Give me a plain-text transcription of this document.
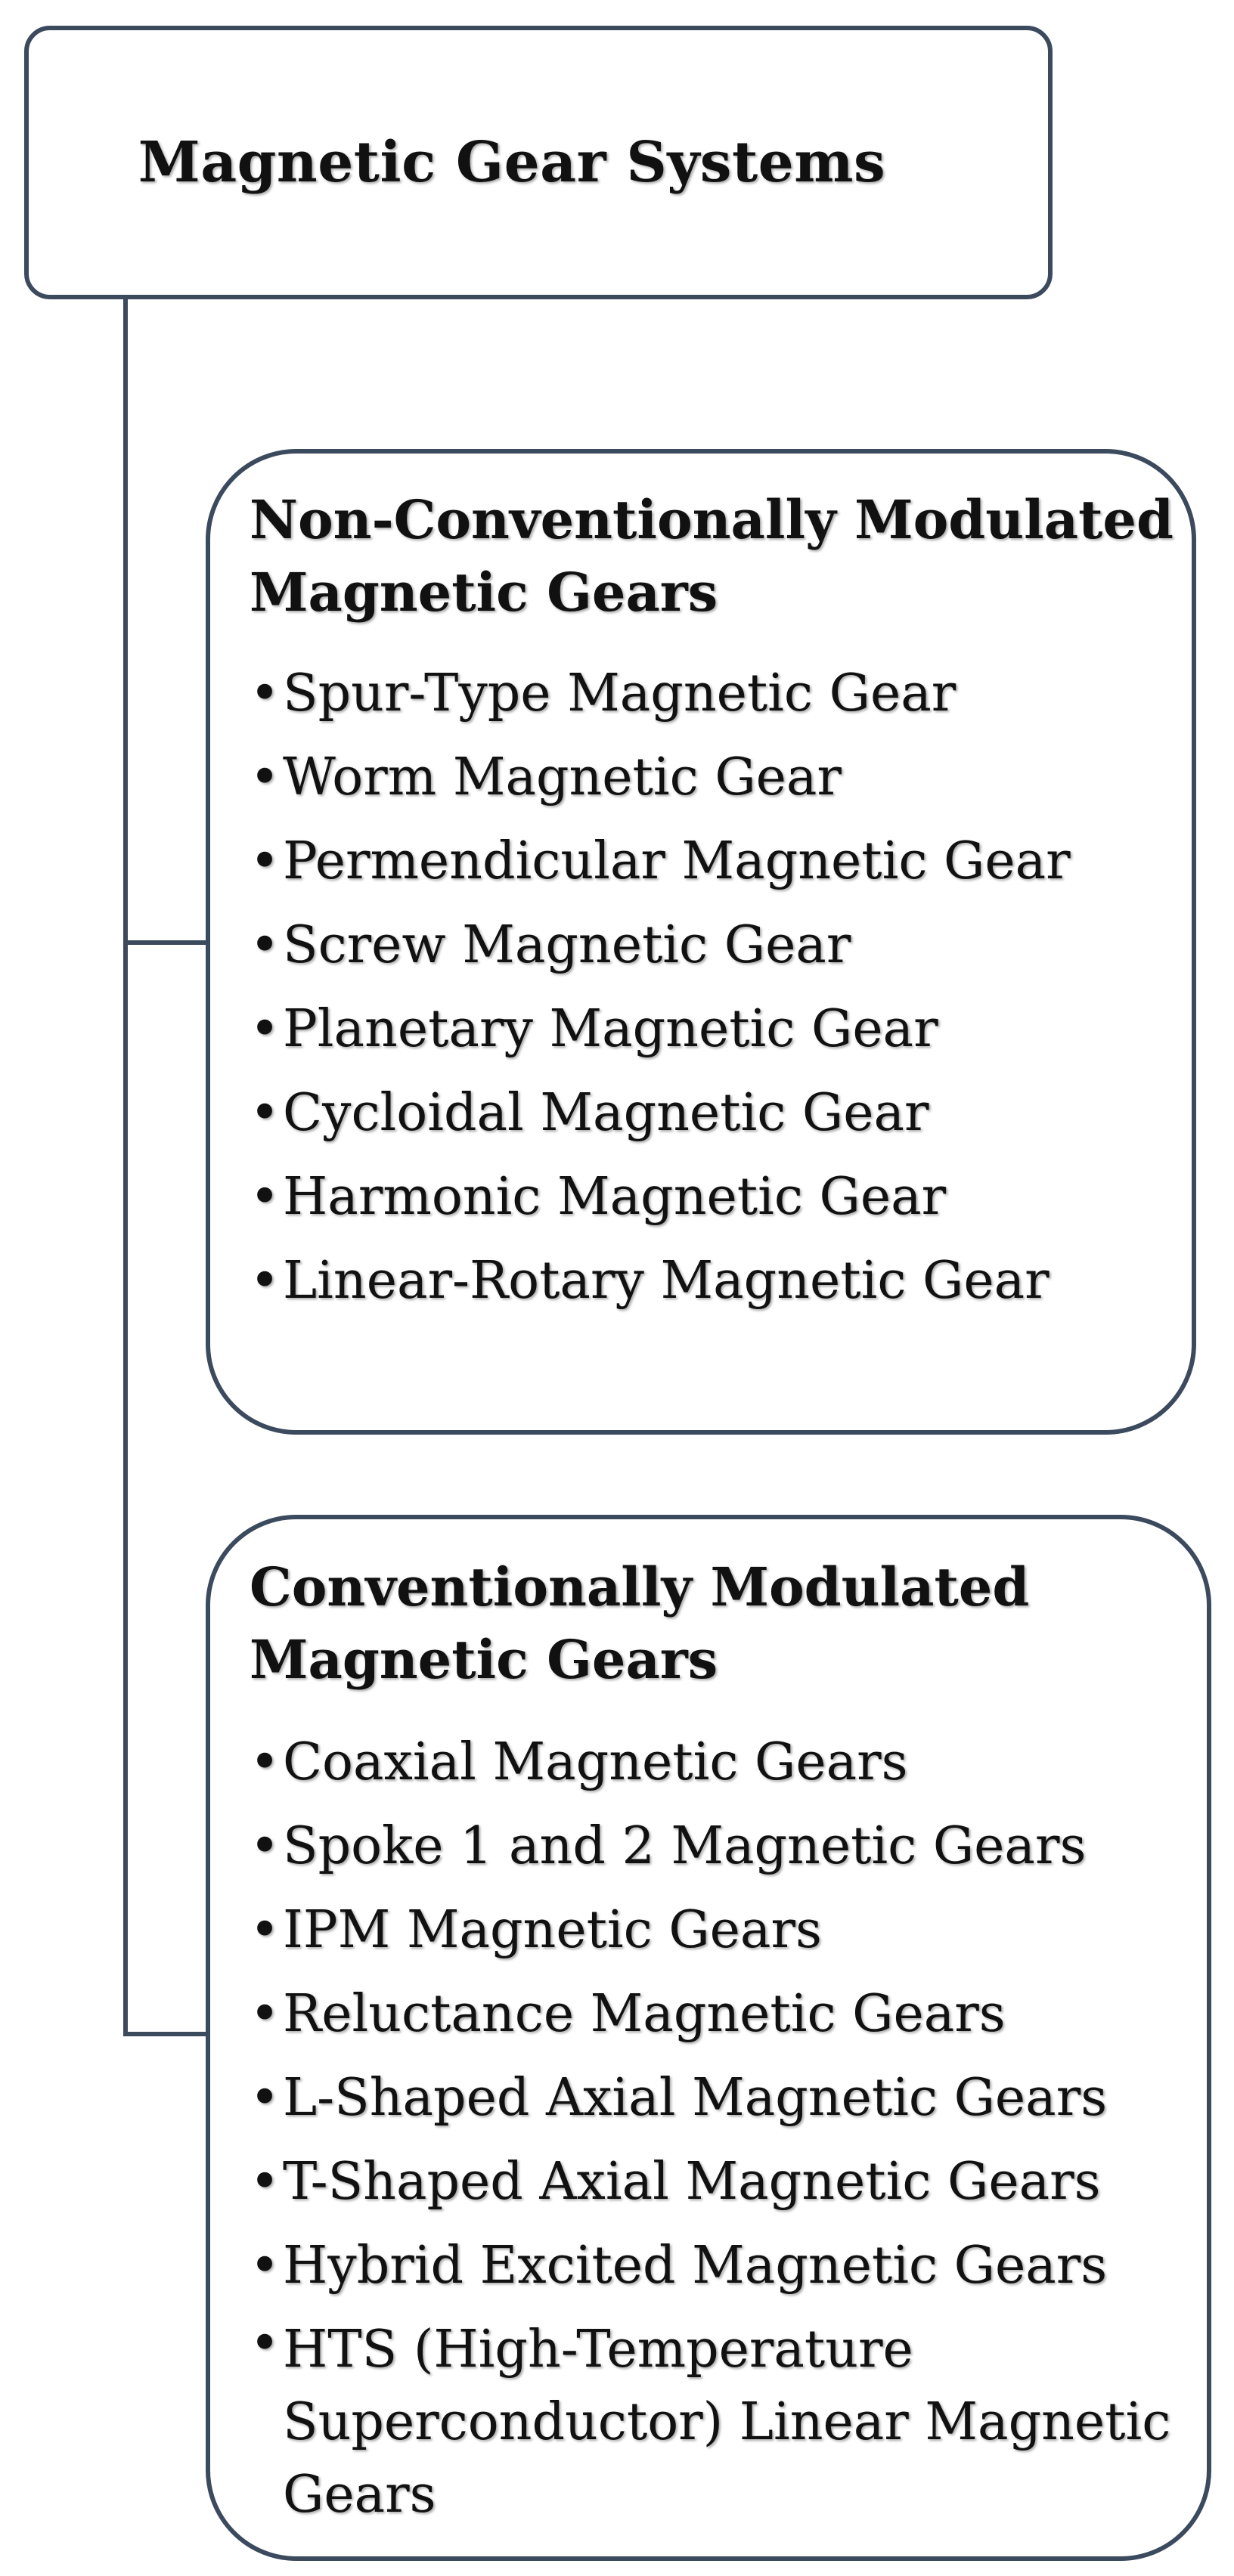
Magnetic Gear Systems
Non-Conventionally Modulated
Magnetic Gears
• Spur-Type Magnetic Gear
• Worm Magnetic Gear
• Permendicular Magnetic Gear
• Screw Magnetic Gear
• Planetary Magnetic Gear
• Cycloidal Magnetic Gear
• Harmonic Magnetic Gear
• Linear-Rotary Magnetic Gear
Conventionally Modulated
Magnetic Gears
• Coaxial Magnetic Gears
• Spoke 1 and 2 Magnetic Gears
• IPM Magnetic Gears
• Reluctance Magnetic Gears
• L-Shaped Axial Magnetic Gears
• T-Shaped Axial Magnetic Gears
• Hybrid Excited Magnetic Gears
• HTS (High-Temperature Superconductor) Linear Magnetic Gears
